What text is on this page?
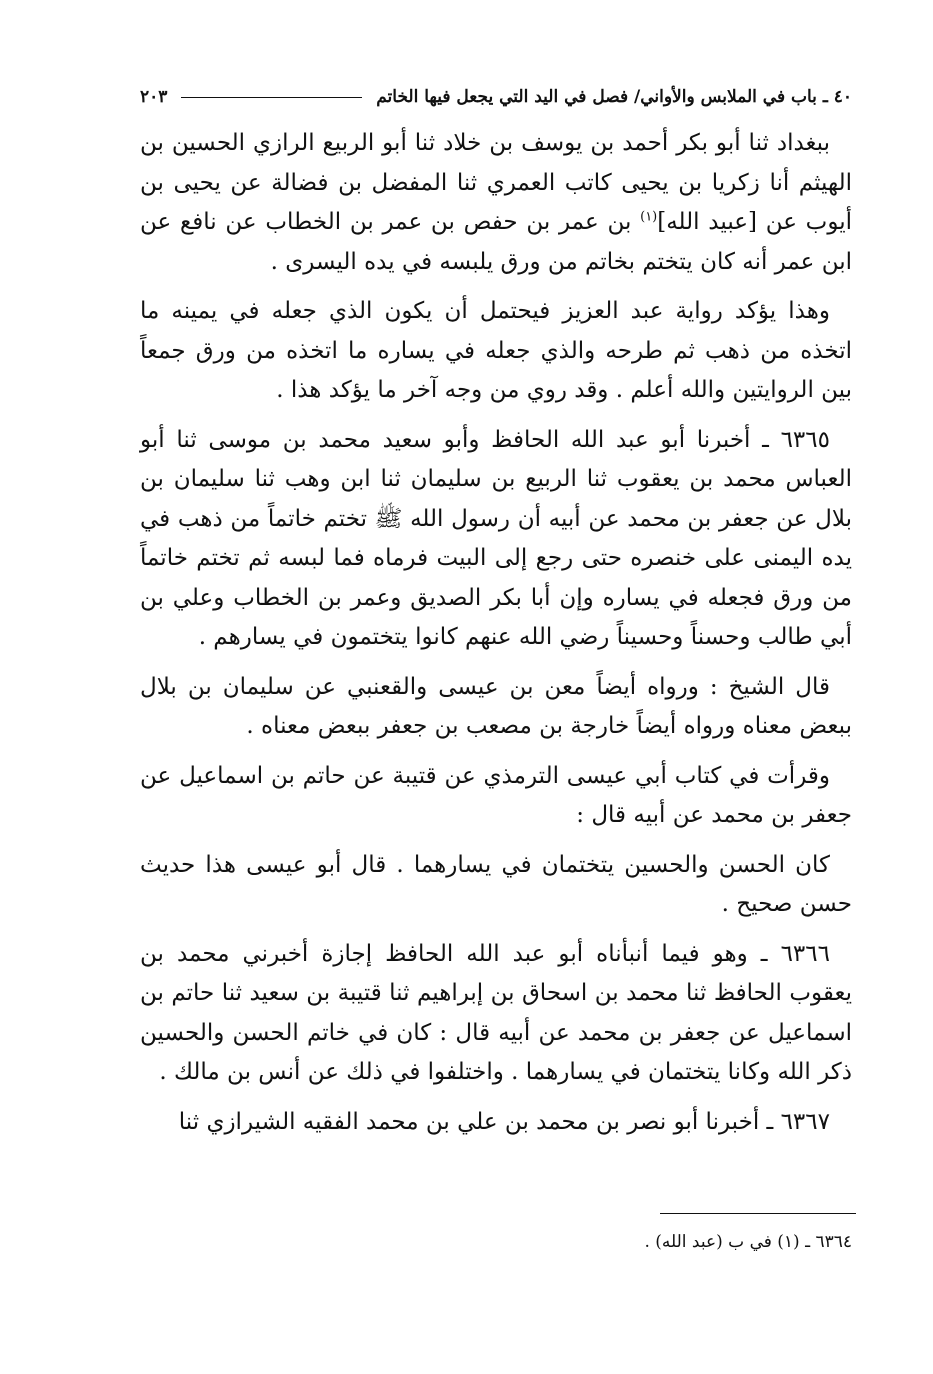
٤٠ ـ باب في الملابس والأواني/ فصل في اليد التي يجعل فيها الخاتم
٢٠٣

ببغداد ثنا أبو بكر أحمد بن يوسف بن خلاد ثنا أبو الربيع الرازي الحسين بن الهيثم أنا زكريا بن يحيى كاتب العمري ثنا المفضل بن فضالة عن يحيى بن أيوب عن [عبيد الله]$^{(١)}$ بن عمر بن حفص بن عمر بن الخطاب عن نافع عن ابن عمر أنه كان يتختم بخاتم من ورق يلبسه في يده اليسرى .

وهذا يؤكد رواية عبد العزيز فيحتمل أن يكون الذي جعله في يمينه ما اتخذه من ذهب ثم طرحه والذي جعله في يساره ما اتخذه من ورق جمعاً بين الروايتين والله أعلم . وقد روي من وجه آخر ما يؤكد هذا .

٦٣٦٥ ـ أخبرنا أبو عبد الله الحافظ وأبو سعيد محمد بن موسى ثنا أبو العباس محمد بن يعقوب ثنا الربيع بن سليمان ثنا ابن وهب ثنا سليمان بن بلال عن جعفر بن محمد عن أبيه أن رسول الله ﷺ تختم خاتماً من ذهب في يده اليمنى على خنصره حتى رجع إلى البيت فرماه فما لبسه ثم تختم خاتماً من ورق فجعله في يساره وإن أبا بكر الصديق وعمر بن الخطاب وعلي بن أبي طالب وحسناً وحسيناً رضي الله عنهم كانوا يتختمون في يسارهم .

قال الشيخ : ورواه أيضاً معن بن عيسى والقعنبي عن سليمان بن بلال ببعض معناه ورواه أيضاً خارجة بن مصعب بن جعفر ببعض معناه .

وقرأت في كتاب أبي عيسى الترمذي عن قتيبة عن حاتم بن اسماعيل عن جعفر بن محمد عن أبيه قال :

كان الحسن والحسين يتختمان في يسارهما . قال أبو عيسى هذا حديث حسن صحيح .

٦٣٦٦ ـ وهو فيما أنبأناه أبو عبد الله الحافظ إجازة أخبرني محمد بن يعقوب الحافظ ثنا محمد بن اسحاق بن إبراهيم ثنا قتيبة بن سعيد ثنا حاتم بن اسماعيل عن جعفر بن محمد عن أبيه قال : كان في خاتم الحسن والحسين ذكر الله وكانا يتختمان في يسارهما . واختلفوا في ذلك عن أنس بن مالك .

٦٣٦٧ ـ أخبرنا أبو نصر بن محمد بن علي بن محمد الفقيه الشيرازي ثنا

٦٣٦٤ ـ (١) في ب (عبد الله) .
